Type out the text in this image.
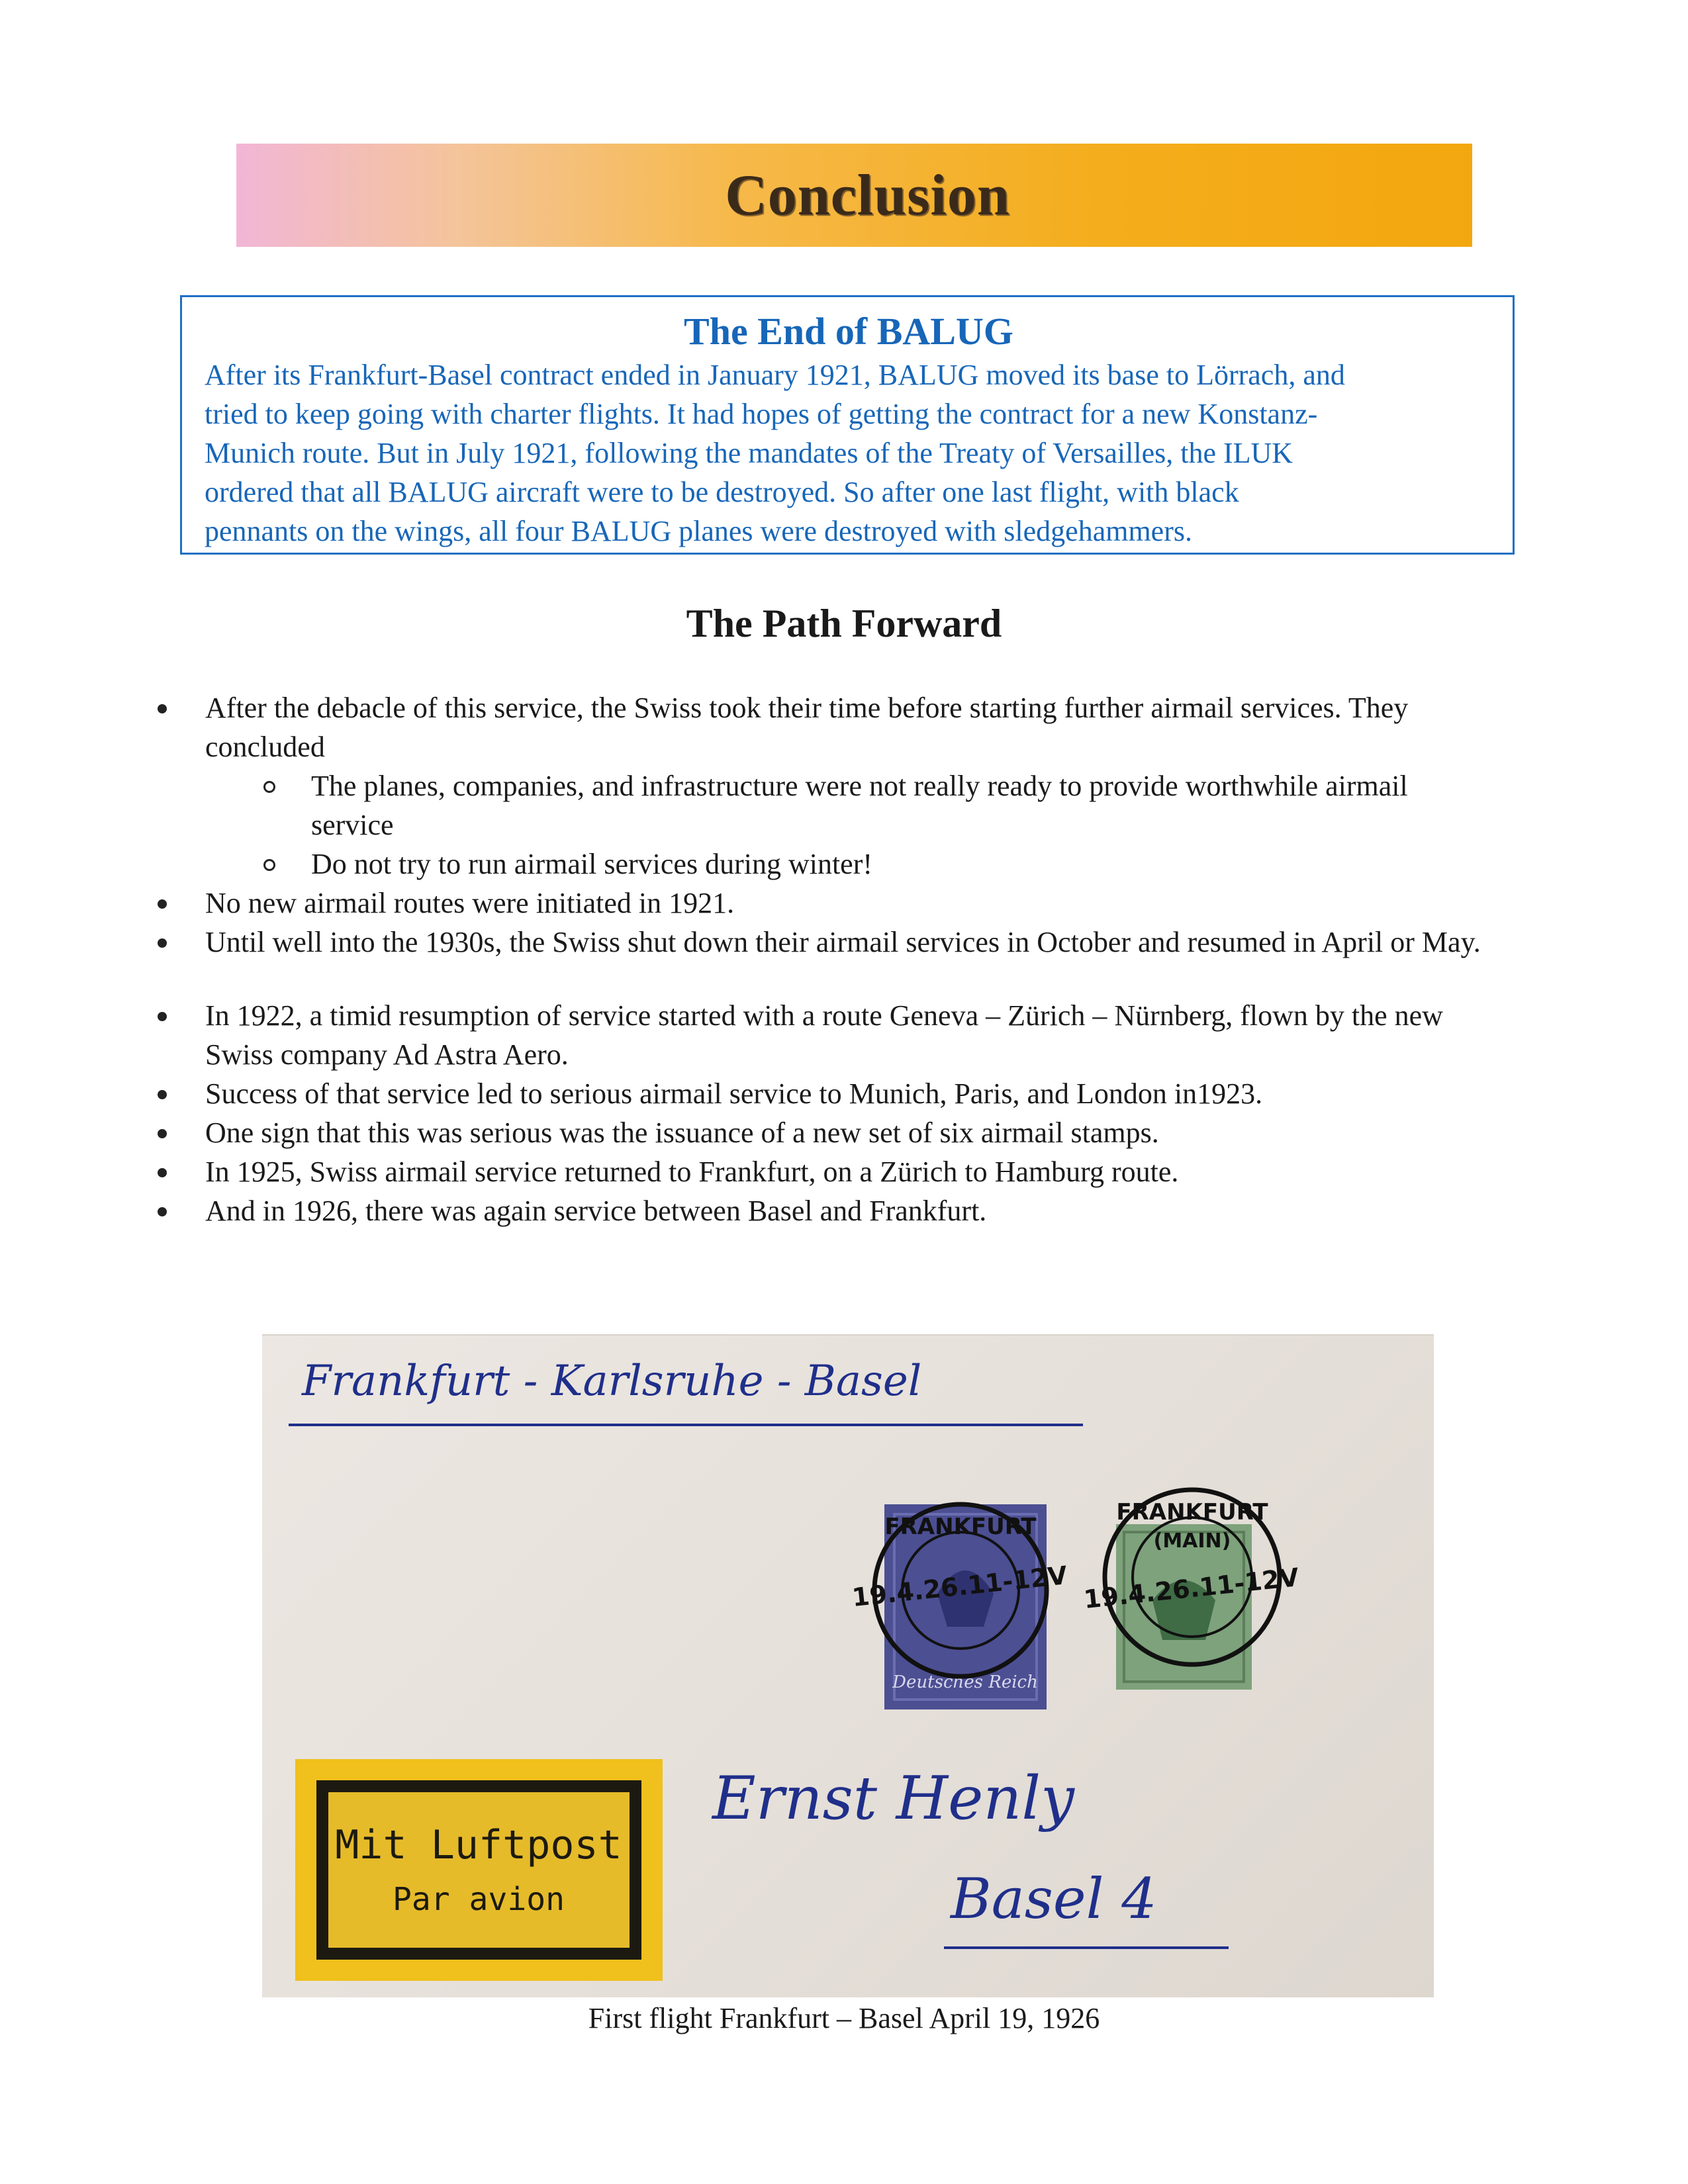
Conclusion
The End of BALUG

After its Frankfurt-Basel contract ended in January 1921, BALUG moved its base to Lörrach, and

tried to keep going with charter flights. It had hopes of getting the contract for a new Konstanz-

Munich route. But in July 1921, following the mandates of the Treaty of Versailles, the ILUK

ordered that all BALUG aircraft were to be destroyed. So after one last flight, with black

pennants on the wings, all four BALUG planes were destroyed with sledgehammers.

The Path Forward
After the debacle of this service, the Swiss took their time before starting further airmail services. They concluded
The planes, companies, and infrastructure were not really ready to provide worthwhile airmail service
Do not try to run airmail services during winter!
No new airmail routes were initiated in 1921.
Until well into the 1930s, the Swiss shut down their airmail services in October and resumed in April or May.
In 1922, a timid resumption of service started with a route Geneva – Zürich – Nürnberg, flown by the new Swiss company Ad Astra Aero.
Success of that service led to serious airmail service to Munich, Paris, and London in1923.
One sign that this was serious was the issuance of a new set of six airmail stamps.
In 1925, Swiss airmail service returned to Frankfurt, on a Zürich to Hamburg route.
And in 1926, there was again service between Basel and Frankfurt.
Frankfurt - Karlsruhe - Basel
Deutsches Reich
FRANKFURT
19.4.26.11-12V
FRANKFURT
(MAIN)
19.4.26.11-12V
Mit Luftpost
Par avion
Ernst Henly
Basel 4
First flight Frankfurt – Basel April 19, 1926
